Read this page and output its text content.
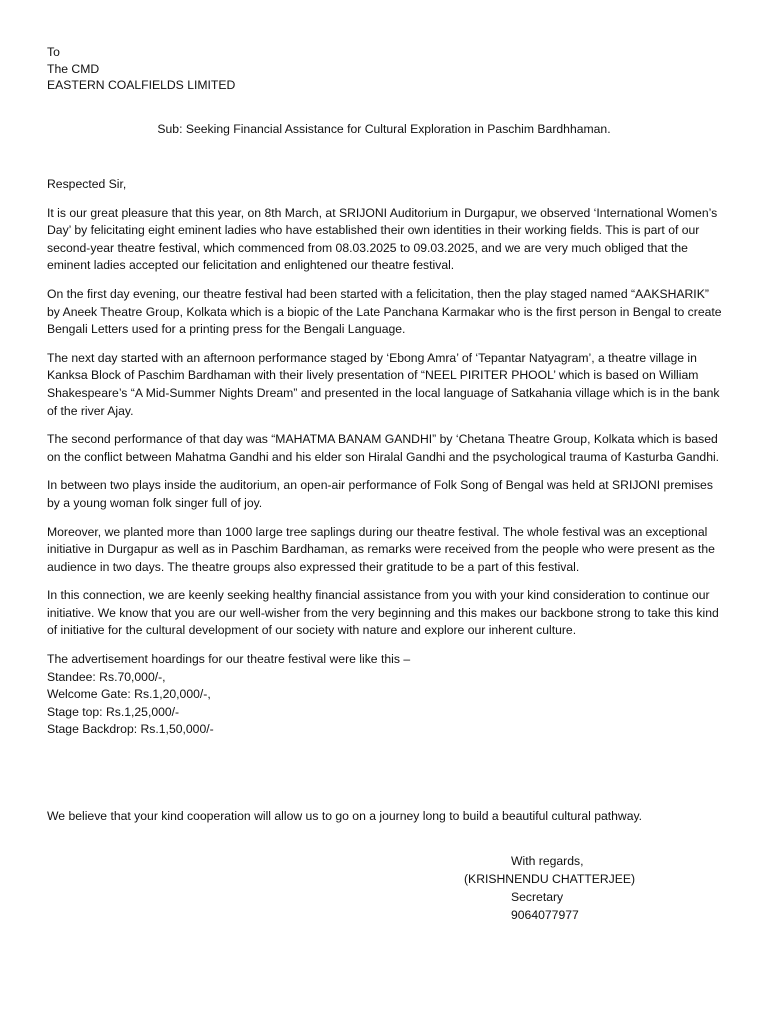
To
The CMD
EASTERN COALFIELDS LIMITED
Sub: Seeking Financial Assistance for Cultural Exploration in Paschim Bardhhaman.

Respected Sir,

It is our great pleasure that this year, on 8th March, at SRIJONI Auditorium in Durgapur, we observed ‘International Women’s Day’ by felicitating eight eminent ladies who have established their own identities in their working fields. This is part of our second-year theatre festival, which commenced from 08.03.2025 to 09.03.2025, and we are very much obliged that the eminent ladies accepted our felicitation and enlightened our theatre festival.

On the first day evening, our theatre festival had been started with a felicitation, then the play staged named “AAKSHARIK” by Aneek Theatre Group, Kolkata which is a biopic of the Late Panchana Karmakar who is the first person in Bengal to create Bengali Letters used for a printing press for the Bengali Language.

The next day started with an afternoon performance staged by ‘Ebong Amra’ of ‘Tepantar Natyagram’, a theatre village in Kanksa Block of Paschim Bardhaman with their lively presentation of “NEEL PIRITER PHOOL’ which is based on William Shakespeare’s “A Mid-Summer Nights Dream” and presented in the local language of Satkahania village which is in the bank of the river Ajay.

The second performance of that day was “MAHATMA BANAM GANDHI” by ‘Chetana Theatre Group, Kolkata which is based on the conflict between Mahatma Gandhi and his elder son Hiralal Gandhi and the psychological trauma of Kasturba Gandhi.

In between two plays inside the auditorium, an open-air performance of Folk Song of Bengal was held at SRIJONI premises by a young woman folk singer full of joy.

Moreover, we planted more than 1000 large tree saplings during our theatre festival. The whole festival was an exceptional initiative in Durgapur as well as in Paschim Bardhaman, as remarks were received from the people who were present as the audience in two days. The theatre groups also expressed their gratitude to be a part of this festival.

In this connection, we are keenly seeking healthy financial assistance from you with your kind consideration to continue our initiative. We know that you are our well-wisher from the very beginning and this makes our backbone strong to take this kind of initiative for the cultural development of our society with nature and explore our inherent culture.

The advertisement hoardings for our theatre festival were like this –
Standee: Rs.70,000/-,
Welcome Gate: Rs.1,20,000/-,
Stage top: Rs.1,25,000/-
Stage Backdrop: Rs.1,50,000/-
We believe that your kind cooperation will allow us to go on a journey long to build a beautiful cultural pathway.
With regards,
(KRISHNENDU CHATTERJEE)
Secretary
9064077977
